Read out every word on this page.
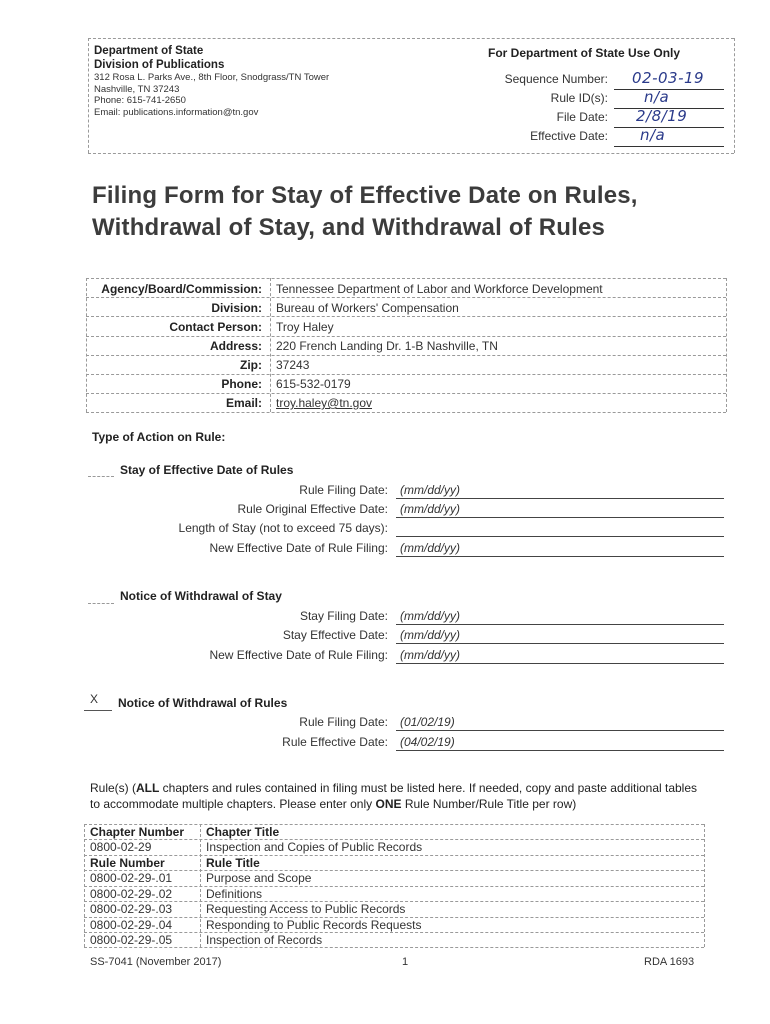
Department of State
Division of Publications
312 Rosa L. Parks Ave., 8th Floor, Snodgrass/TN Tower
Nashville, TN 37243
Phone: 615-741-2650
Email: publications.information@tn.gov
For Department of State Use Only
Sequence Number: 02-03-19
Rule ID(s): n/a
File Date: 2/8/19
Effective Date: n/a
Filing Form for Stay of Effective Date on Rules,
Withdrawal of Stay, and Withdrawal of Rules
Agency/Board/Commission: Tennessee Department of Labor and Workforce Development
Division: Bureau of Workers' Compensation
Contact Person: Troy Haley
Address: 220 French Landing Dr. 1-B Nashville, TN
Zip: 37243
Phone: 615-532-0179
Email: troy.haley@tn.gov
Type of Action on Rule:
Stay of Effective Date of Rules
Rule Filing Date: (mm/dd/yy)
Rule Original Effective Date: (mm/dd/yy)
Length of Stay (not to exceed 75 days):
New Effective Date of Rule Filing: (mm/dd/yy)
Notice of Withdrawal of Stay
Stay Filing Date: (mm/dd/yy)
Stay Effective Date: (mm/dd/yy)
New Effective Date of Rule Filing: (mm/dd/yy)
X Notice of Withdrawal of Rules
Rule Filing Date: (01/02/19)
Rule Effective Date: (04/02/19)
Rule(s) (ALL chapters and rules contained in filing must be listed here. If needed, copy and paste additional tables to accommodate multiple chapters. Please enter only ONE Rule Number/Rule Title per row)
Chapter Number Chapter Title
0800-02-29	Inspection and Copies of Public Records
Rule Number	Rule Title
0800-02-29-.01	Purpose and Scope
0800-02-29-.02	Definitions
0800-02-29-.03	Requesting Access to Public Records
0800-02-29-.04	Responding to Public Records Requests
0800-02-29-.05	Inspection of Records
SS-7041 (November 2017)	1	RDA 1693
